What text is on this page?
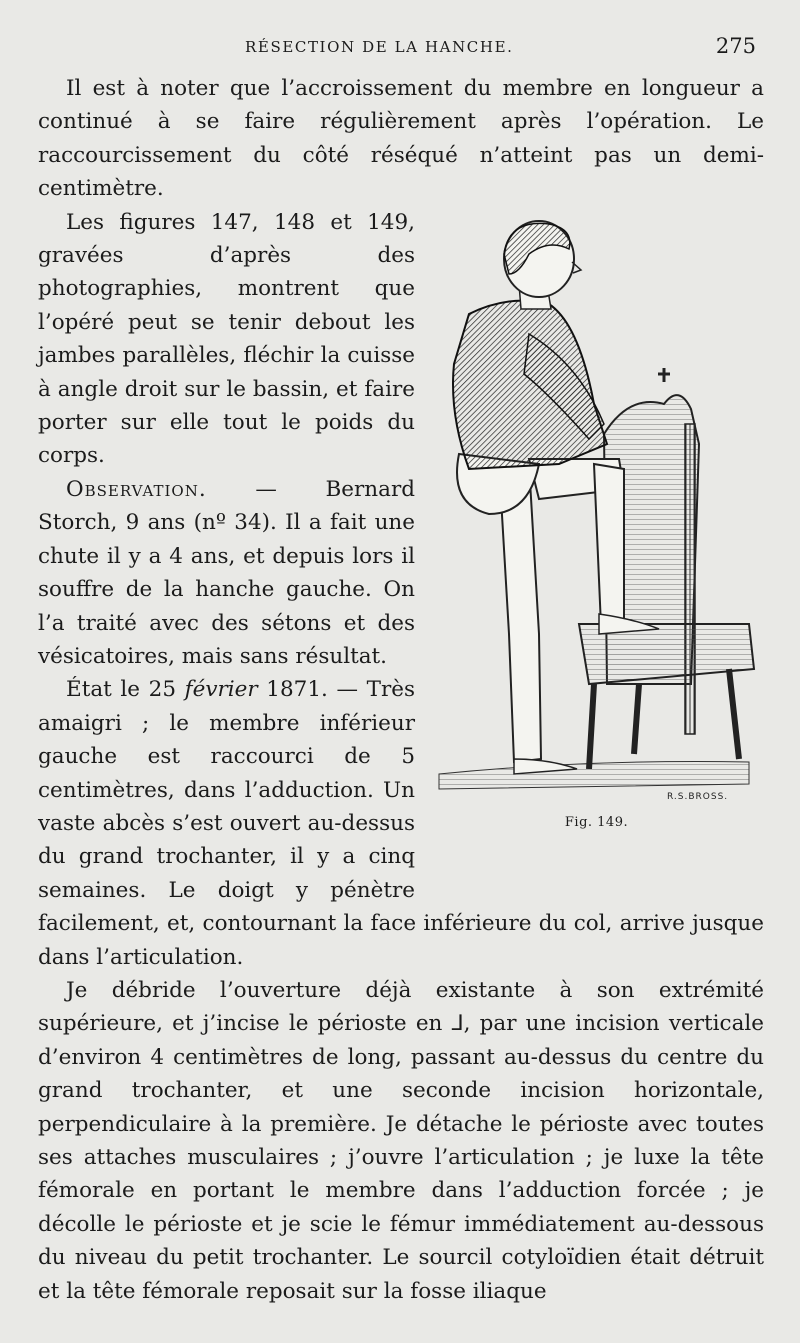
RÉSECTION DE LA HANCHE.	275

Il est à noter que l’accroissement du membre en longueur a continué à se faire régulièrement après l’opération. Le raccourcissement du côté réséqué n’atteint pas un demi-centimètre.

R.S.BROSS.
Fig. 149.

Les figures 147, 148 et 149, gravées d’après des photographies, montrent que l’opéré peut se tenir debout les jambes parallèles, fléchir la cuisse à angle droit sur le bassin, et faire porter sur elle tout le poids du corps.

Observation. — Bernard Storch, 9 ans (nº 34). Il a fait une chute il y a 4 ans, et depuis lors il souffre de la hanche gauche. On l’a traité avec des sétons et des vésicatoires, mais sans résultat.

État le 25 février 1871. — Très amaigri ; le membre inférieur gauche est raccourci de 5 centimètres, dans l’adduction. Un vaste abcès s’est ouvert au-dessus du grand trochanter, il y a cinq semaines. Le doigt y pénètre facilement, et, contournant la face inférieure du col, arrive jusque dans l’articulation.

Je débride l’ouverture déjà existante à son extrémité supérieure, et j’incise le périoste en ⅃, par une incision verticale d’environ 4 centimètres de long, passant au-dessus du centre du grand trochanter, et une seconde incision horizontale, perpendiculaire à la première. Je détache le périoste avec toutes ses attaches musculaires ; j’ouvre l’articulation ; je luxe la tête fémorale en portant le membre dans l’adduction forcée ; je décolle le périoste et je scie le fémur immédiatement au-dessous du niveau du petit trochanter. Le sourcil cotyloïdien était détruit et la tête fémorale reposait sur la fosse iliaque
